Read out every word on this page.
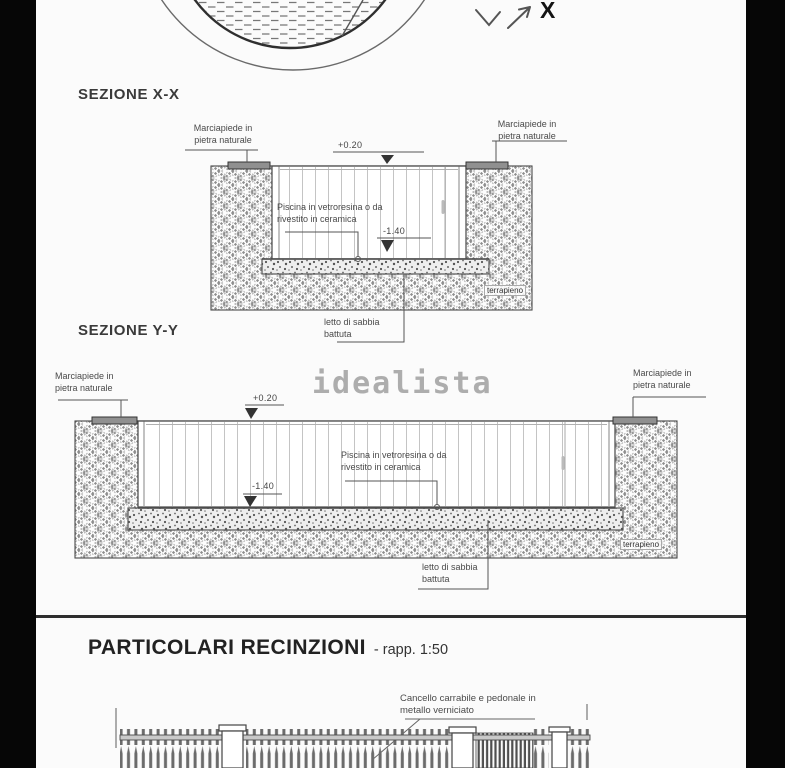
X
SEZIONE X-X
Marciapiede in pietra naturale
Marciapiede in pietra naturale
+0.20
Piscina in vetroresina o da rivestito in ceramica
-1.40
terrapieno
letto di sabbia battuta
SEZIONE Y-Y
idealista
Marciapiede in pietra naturale
Marciapiede in pietra naturale
+0.20
Piscina in vetroresina o da rivestito in ceramica
-1.40
terrapieno
letto di sabbia battuta
PARTICOLARI RECINZIONI - rapp. 1:50
Cancello carrabile e pedonale in metallo verniciato
